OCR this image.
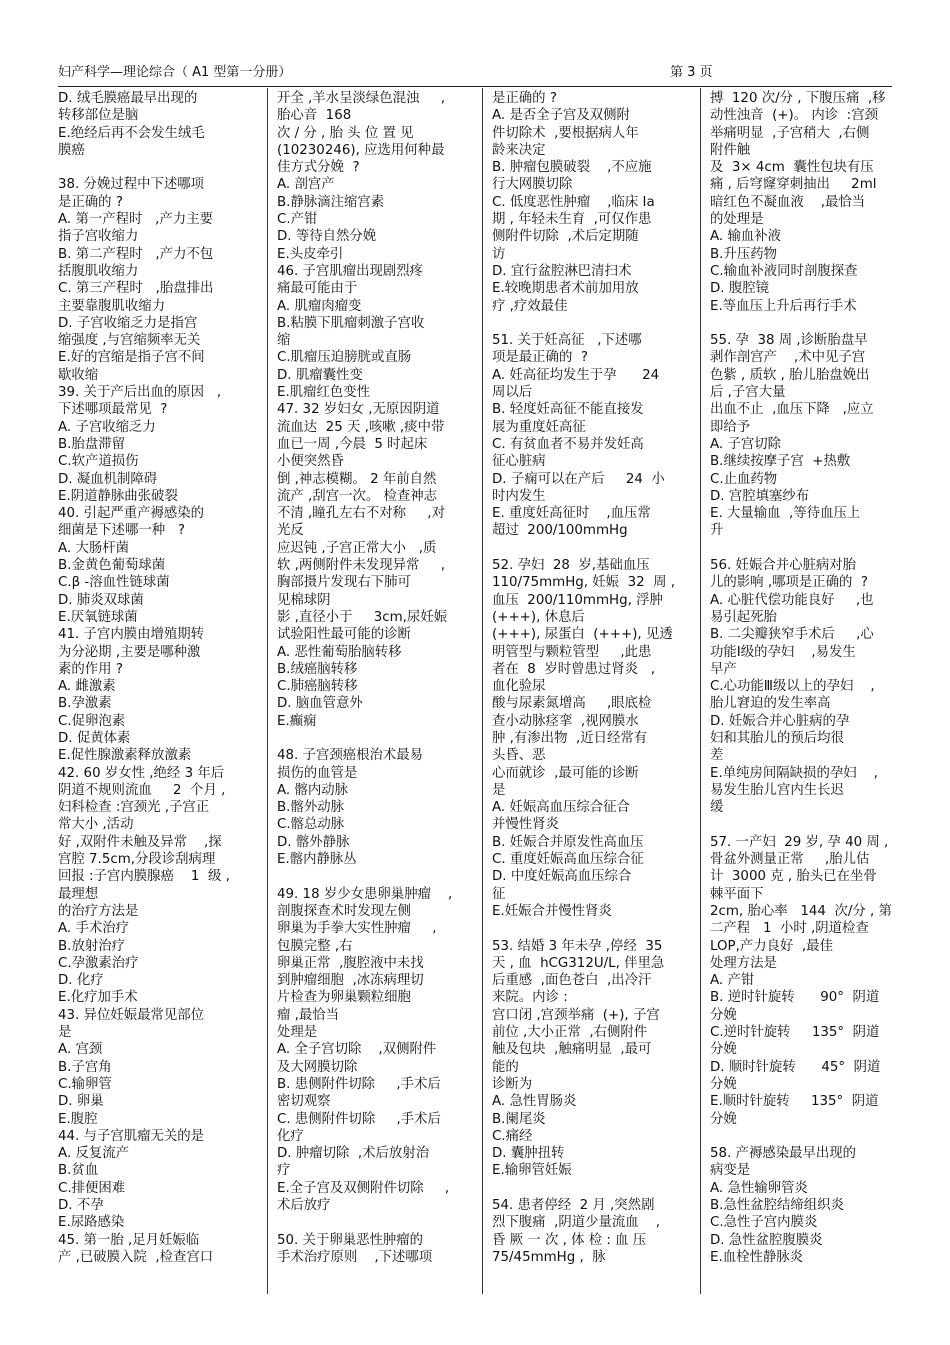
妇产科学—理论综合（ A1 型第一分册）	第 3 页

D. 绒毛膜癌最早出现的

转移部位是脑

E.绝经后再不会发生绒毛

膜癌

38. 分娩过程中下述哪项

是正确的 ?

A. 第一产程时   ,产力主要

指子宫收缩力

B. 第二产程时   ,产力不包

括腹肌收缩力

C. 第三产程时   ,胎盘排出

主要靠腹肌收缩力

D. 子宫收缩乏力是指宫

缩强度 ,与宫缩频率无关

E.好的宫缩是指子宫不间

歇收缩

39. 关于产后出血的原因   ,

下述哪项最常见  ?

A. 子宫收缩乏力

B.胎盘滞留

C.软产道损伤

D. 凝血机制障碍

E.阴道静脉曲张破裂

40. 引起严重产褥感染的

细菌是下述哪一种   ?

A. 大肠杆菌

B.金黄色葡萄球菌

C.β -溶血性链球菌

D. 肺炎双球菌

E.厌氧链球菌

41. 子宫内膜由增殖期转

为分泌期 ,主要是哪种激

素的作用 ?

A. 雌激素

B.孕激素

C.促卵泡素

D. 促黄体素

E.促性腺激素释放激素

42. 60 岁女性 ,绝经 3 年后

阴道不规则流血     2  个月 ,

妇科检查 :宫颈光 ,子宫正

常大小 ,活动

好 ,双附件未触及异常    ,探

宫腔 7.5cm,分段诊刮病理

回报 :子宫内膜腺癌    1  级 ,

最理想

的治疗方法是

A. 手术治疗

B.放射治疗

C.孕激素治疗

D. 化疗

E.化疗加手术

43. 异位妊娠最常见部位

是

A. 宫颈

B.子宫角

C.输卵管

D. 卵巢

E.腹腔

44. 与子宫肌瘤无关的是

A. 反复流产

B.贫血

C.排便困难

D. 不孕

E.尿路感染

45. 第一胎 ,足月妊娠临

产 ,已破膜入院  ,检查宫口

开全 ,羊水呈淡绿色混浊     ,

胎心音  168

次 / 分 , 胎 头 位 置 见

(10230246), 应选用何种最

佳方式分娩  ?

A. 剖宫产

B.静脉滴注缩宫素

C.产钳

D. 等待自然分娩

E.头皮牵引

46. 子宫肌瘤出现剧烈疼

痛最可能由于

A. 肌瘤肉瘤变

B.粘膜下肌瘤刺激子宫收

缩

C.肌瘤压迫膀胱或直肠

D. 肌瘤囊性变

E.肌瘤红色变性

47. 32 岁妇女 ,无原因阴道

流血达  25 天 ,咳嗽 ,痰中带

血已一周 ,今晨  5 时起床

小便突然昏

倒 ,神志模糊。 2 年前自然

流产 ,刮宫一次。 检查神志

不清 ,瞳孔左右不对称     ,对

光反

应迟钝 ,子宫正常大小   ,质

软 ,两侧附件未发现异常     ,

胸部摄片发现右下肺可

见棉球阴

影 ,直径小于     3cm,尿妊娠

试验阳性最可能的诊断

A. 恶性葡萄胎脑转移

B.绒癌脑转移

C.肺癌脑转移

D. 脑血管意外

E.癫痫

48. 子宫颈癌根治术最易

损伤的血管是

A. 髂内动脉

B.髂外动脉

C.髂总动脉

D. 髂外静脉

E.髂内静脉丛

49. 18 岁少女患卵巢肿瘤    ,

剖腹探查术时发现左侧

卵巢为手拳大实性肿瘤     ,

包膜完整 ,右

卵巢正常  ,腹腔液中未找

到肿瘤细胞  ,冰冻病理切

片检查为卵巢颗粒细胞

瘤 ,最恰当

处理是

A. 全子宫切除    ,双侧附件

及大网膜切除

B. 患侧附件切除     ,手术后

密切观察

C. 患侧附件切除     ,手术后

化疗

D. 肿瘤切除  ,术后放射治

疗

E.全子宫及双侧附件切除     ,

术后放疗

50. 关于卵巢恶性肿瘤的

手术治疗原则    ,下述哪项

是正确的 ?

A. 是否全子宫及双侧附

件切除术  ,要根据病人年

龄来决定

B. 肿瘤包膜破裂    ,不应施

行大网膜切除

C. 低度恶性肿瘤    ,临床 Ia

期 , 年轻未生育  ,可仅作患

侧附件切除  ,术后定期随

访

D. 宜行盆腔淋巴清扫术

E.较晚期患者术前加用放

疗 ,疗效最佳

51. 关于妊高征   ,下述哪

项是最正确的  ?

A. 妊高征均发生于孕      24

周以后

B. 轻度妊高征不能直接发

展为重度妊高征

C. 有贫血者不易并发妊高

征心脏病

D. 子痫可以在产后     24  小

时内发生

E. 重度妊高征时    ,血压常

超过  200/100mmHg

52. 孕妇  28  岁,基础血压

110/75mmHg, 妊娠  32  周 ,

血压  200/110mmHg, 浮肿

(+++), 休息后

(+++), 尿蛋白  (+++), 见透

明管型与颗粒管型     ,此患

者在  8  岁时曾患过肾炎   ,

血化验尿

酸与尿素氮增高     ,眼底检

查小动脉痉挛  ,视网膜水

肿 ,有渗出物  ,近日经常有

头昏、恶

心而就诊  ,最可能的诊断

是

A. 妊娠高血压综合征合

并慢性肾炎

B. 妊娠合并原发性高血压

C. 重度妊娠高血压综合征

D. 中度妊娠高血压综合

征

E.妊娠合并慢性肾炎

53. 结婚 3 年未孕 ,停经  35

天 , 血  hCG312U/L, 伴里急

后重感  ,面色苍白  ,出冷汗

来院。内诊 :

宫口闭 ,宫颈举痛  (+), 子宫

前位 ,大小正常  ,右侧附件

触及包块  ,触痛明显  ,最可

能的

诊断为

A. 急性胃肠炎

B.阑尾炎

C.痛经

D. 囊肿扭转

E.输卵管妊娠

54. 患者停经  2 月 ,突然剧

烈下腹痛  ,阴道少量流血    ,

昏 厥 一 次 , 体 检 : 血 压

75/45mmHg ,  脉

搏  120 次/分 , 下腹压痛  ,移

动性浊音  (+)。 内诊  :宫颈

举痛明显  ,子宫稍大  ,右侧

附件触

及  3× 4cm  囊性包块有压

痛 , 后穹窿穿刺抽出     2ml

暗红色不凝血液    ,最恰当

的处理是

A. 输血补液

B.升压药物

C.输血补液同时剖腹探查

D. 腹腔镜

E.等血压上升后再行手术

55. 孕  38 周 ,诊断胎盘早

剥作剖宫产    ,术中见子宫

色紫 , 质软 , 胎儿胎盘娩出

后 ,子宫大量

出血不止  ,血压下降   ,应立

即给予

A. 子宫切除

B.继续按摩子宫  +热敷

C.止血药物

D. 宫腔填塞纱布

E. 大量输血  ,等待血压上

升

56. 妊娠合并心脏病对胎

儿的影响 ,哪项是正确的  ?

A. 心脏代偿功能良好     ,也

易引起死胎

B. 二尖瓣狭窄手术后     ,心

功能Ⅰ级的孕妇    ,易发生

早产

C.心功能Ⅲ级以上的孕妇    ,

胎儿窘迫的发生率高

D. 妊娠合并心脏病的孕

妇和其胎儿的预后均很

差

E.单纯房间隔缺损的孕妇    ,

易发生胎儿宫内生长迟

缓

57. 一产妇  29 岁, 孕 40 周 ,

骨盆外测量正常     ,胎儿估

计  3000 克 , 胎头已在坐骨

棘平面下

2cm, 胎心率   144  次/分 , 第

二产程   1  小时 ,阴道检查

LOP,产力良好  ,最佳

处理方法是

A. 产钳

B. 逆时针旋转      90°  阴道

分娩

C.逆时针旋转     135°  阴道

分娩

D. 顺时针旋转      45°  阴道

分娩

E.顺时针旋转     135°  阴道

分娩

58. 产褥感染最早出现的

病变是

A. 急性输卵管炎

B.急性盆腔结缔组织炎

C.急性子宫内膜炎

D. 急性盆腔腹膜炎

E.血栓性静脉炎
